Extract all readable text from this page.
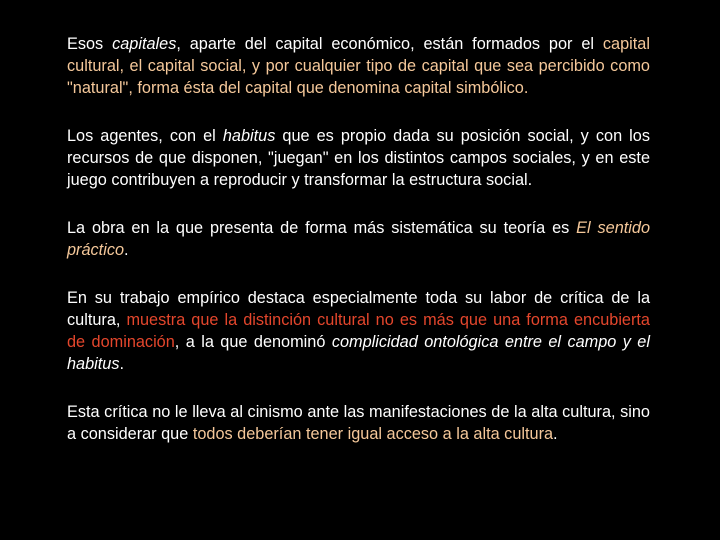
Esos capitales, aparte del capital económico, están formados por el capital cultural, el capital social, y por cualquier tipo de capital que sea percibido como "natural", forma ésta del capital que denomina capital simbólico.

Los agentes, con el habitus que es propio dada su posición social, y con los recursos de que disponen, "juegan" en los distintos campos sociales, y en este juego contribuyen a reproducir y transformar la estructura social.

La obra en la que presenta de forma más sistemática su teoría es El sentido práctico.

En su trabajo empírico destaca especialmente toda su labor de crítica de la cultura, muestra que la distinción cultural no es más que una forma encubierta de dominación, a la que denominó complicidad ontológica entre el campo y el habitus.

Esta crítica no le lleva al cinismo ante las manifestaciones de la alta cultura, sino a considerar que todos deberían tener igual acceso a la alta cultura.
